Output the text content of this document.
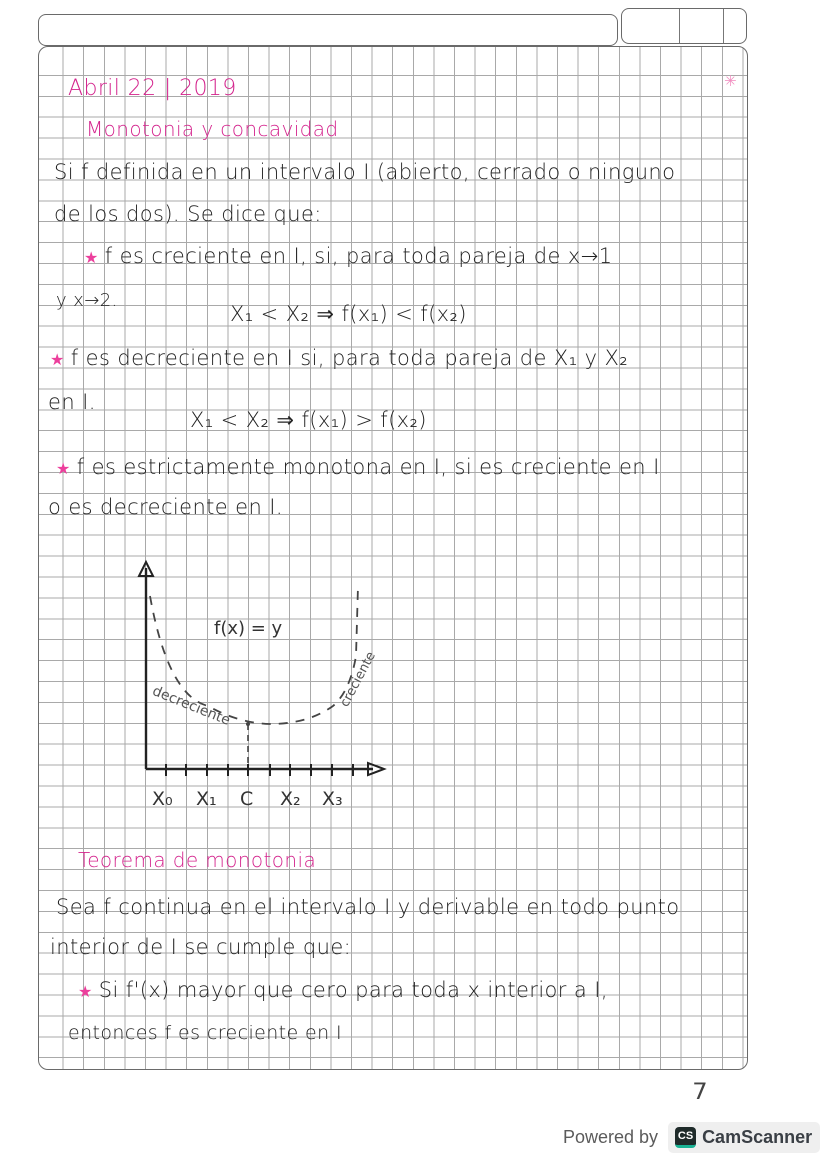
✳
Abril 22 | 2019
Monotonia y concavidad
Si f definida en un intervalo I (abierto, cerrado o ninguno
de los dos). Se dice que:
★ f es creciente en I, si, para toda pareja de x→1
y x→2.
X₁ < X₂ ⇒ f(x₁) < f(x₂)
★ f es decreciente en I si, para toda pareja de X₁ y X₂
en I.
X₁ < X₂ ⇒ f(x₁) > f(x₂)
★ f es estrictamente monotona en I, si es creciente en I
o es decreciente en I.
f(x) = y
decreciente	creciente
X₀ X₁ C X₂ X₃
Teorema de monotonia
Sea f continua en el intervalo I y derivable en todo punto
interior de I se cumple que:
★ Si f'(x) mayor que cero para toda x interior a I,
entonces f es creciente en I
7
Powered by CS CamScanner
